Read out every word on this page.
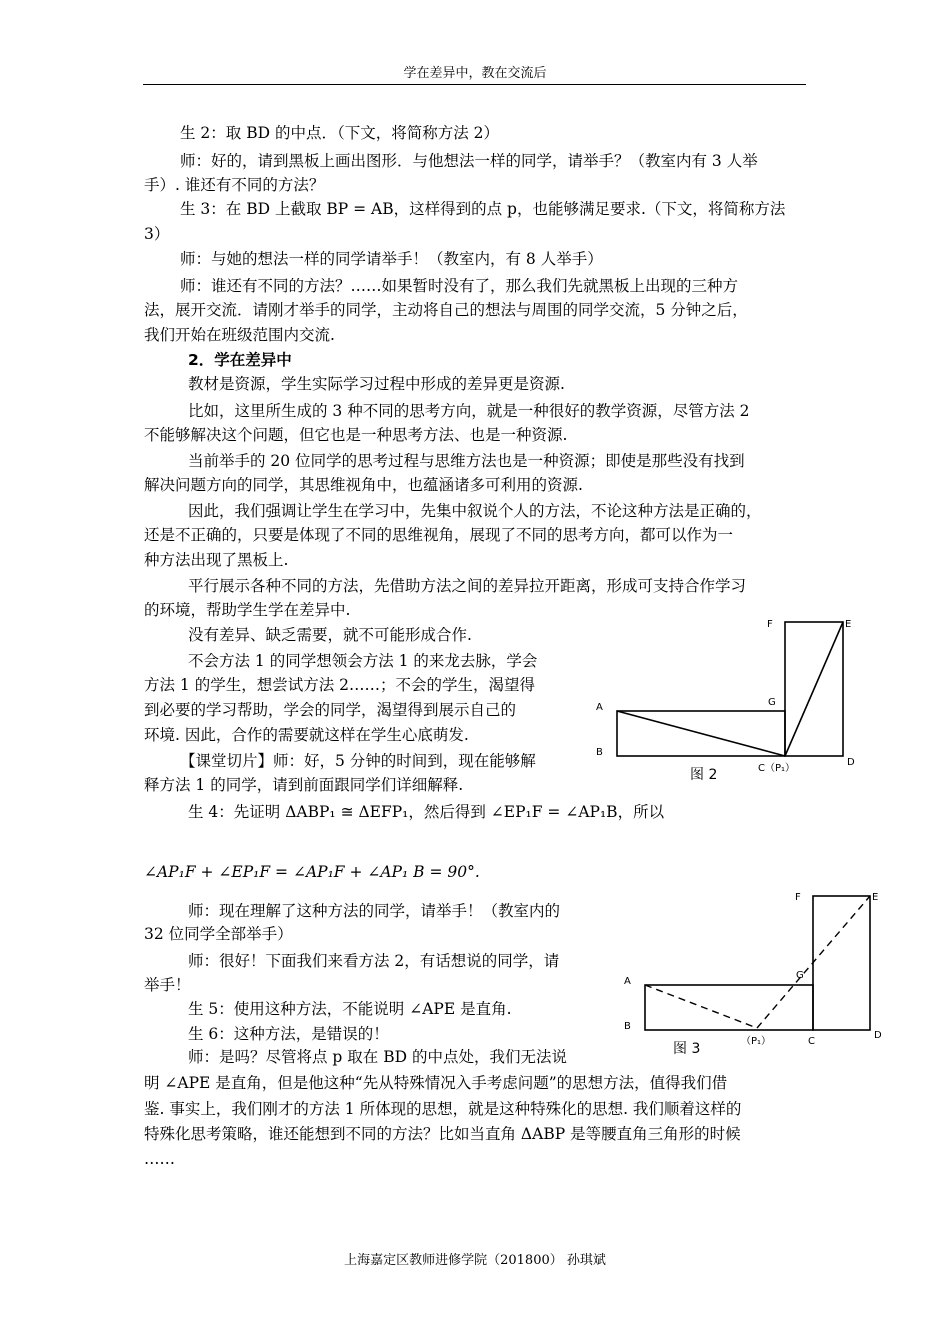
学在差异中，教在交流后
生 2：取 BD 的中点．（下文，将简称方法 2）
师：好的，请到黑板上画出图形．与他想法一样的同学，请举手？（教室内有 3 人举
手）. 谁还有不同的方法？
生 3：在 BD 上截取 BP = AB，这样得到的点 p，也能够满足要求.（下文，将简称方法
3）
师：与她的想法一样的同学请举手！（教室内，有 8 人举手）
师：谁还有不同的方法？……如果暂时没有了，那么我们先就黑板上出现的三种方
法，展开交流．请刚才举手的同学，主动将自己的想法与周围的同学交流，5 分钟之后，
我们开始在班级范围内交流.
2．学在差异中
教材是资源，学生实际学习过程中形成的差异更是资源.
比如，这里所生成的 3 种不同的思考方向，就是一种很好的教学资源，尽管方法 2
不能够解决这个问题，但它也是一种思考方法、也是一种资源.
当前举手的 20 位同学的思考过程与思维方法也是一种资源；即使是那些没有找到
解决问题方向的同学，其思维视角中，也蕴涵诸多可利用的资源.
因此，我们强调让学生在学习中，先集中叙说个人的方法，不论这种方法是正确的，
还是不正确的，只要是体现了不同的思维视角，展现了不同的思考方向，都可以作为一
种方法出现了黑板上.
平行展示各种不同的方法，先借助方法之间的差异拉开距离，形成可支持合作学习
的环境，帮助学生学在差异中.
没有差异、缺乏需要，就不可能形成合作.
不会方法 1 的同学想领会方法 1 的来龙去脉，学会
方法 1 的学生，想尝试方法 2……；不会的学生，渴望得
到必要的学习帮助，学会的同学，渴望得到展示自己的
环境. 因此，合作的需要就这样在学生心底萌发.
【课堂切片】师：好，5 分钟的时间到，现在能够解
释方法 1 的同学，请到前面跟同学们详细解释.
生 4：先证明 ΔABP₁ ≅ ΔEFP₁，然后得到 ∠EP₁F = ∠AP₁B，所以
∠AP₁F + ∠EP₁F = ∠AP₁F + ∠AP₁ B = 90°.
师：现在理解了这种方法的同学，请举手！（教室内的
32 位同学全部举手）
师：很好！下面我们来看方法 2，有话想说的同学，请
举手！
生 5：使用这种方法，不能说明 ∠APE 是直角.
生 6：这种方法，是错误的！
师：是吗？尽管将点 p 取在 BD 的中点处，我们无法说
明 ∠APE 是直角，但是他这种“先从特殊情况入手考虑问题”的思想方法，值得我们借
鉴. 事实上，我们刚才的方法 1 所体现的思想，就是这种特殊化的思想. 我们顺着这样的
特殊化思考策略，谁还能想到不同的方法？比如当直角 ΔABP 是等腰直角三角形的时候
……
F	E
G
A
B
C（P₁）
D
图 2
F	E
G
A
B
（P₁）	C
D
图 3
上海嘉定区教师进修学院（201800） 孙琪斌
